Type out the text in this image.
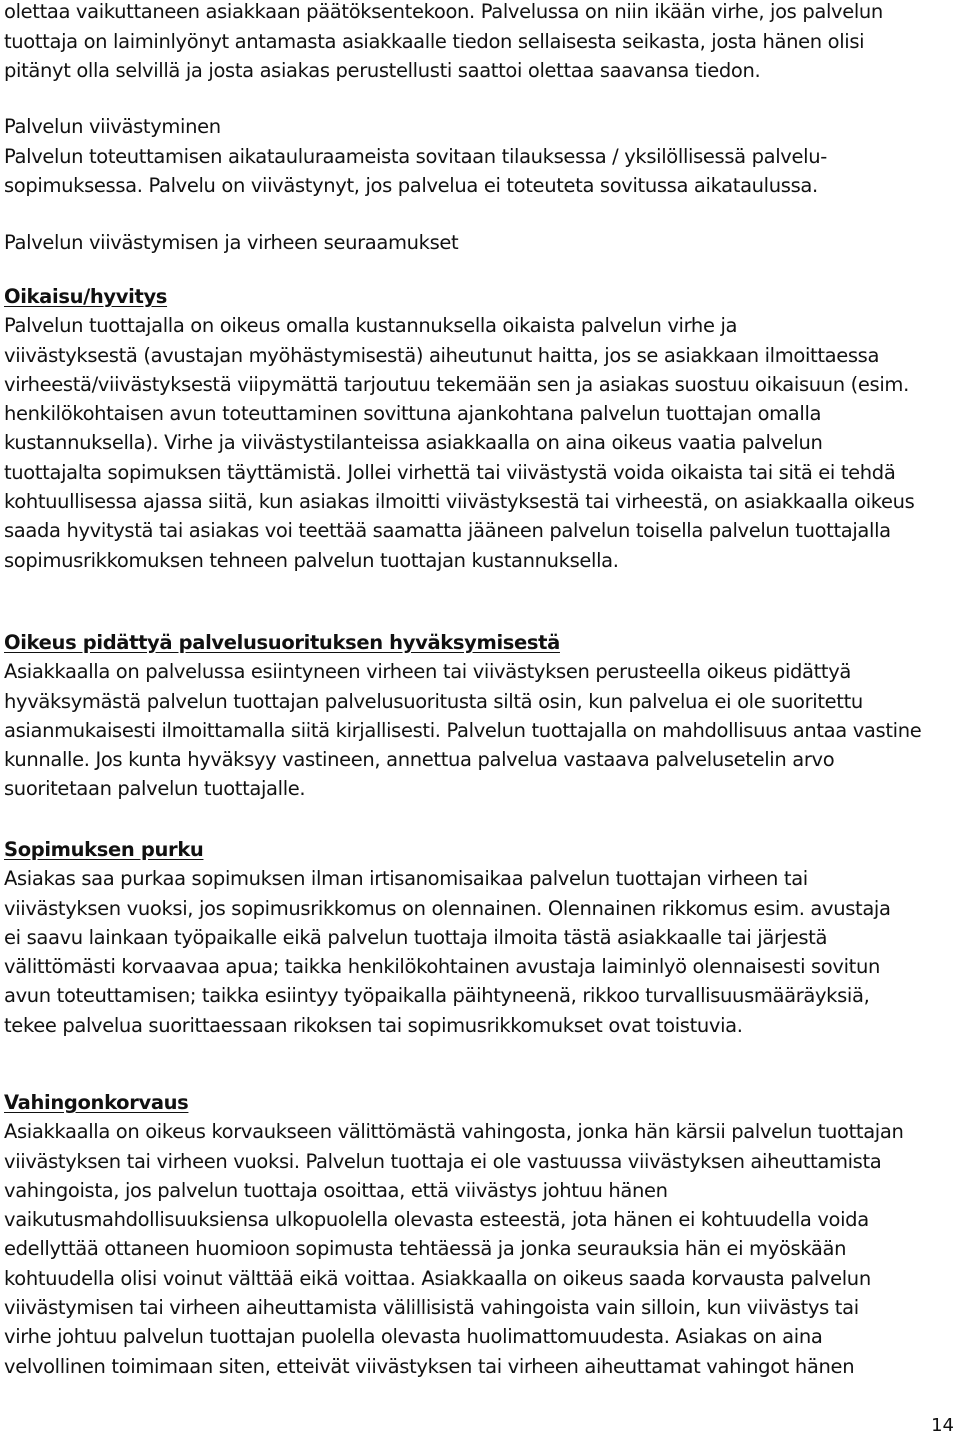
olettaa vaikuttaneen asiakkaan päätöksentekoon. Palvelussa on niin ikään virhe, jos palvelun
tuottaja on laiminlyönyt antamasta asiakkaalle tiedon sellaisesta seikasta, josta hänen olisi
pitänyt olla selvillä ja josta asiakas perustellusti saattoi olettaa saavansa tiedon.
Palvelun viivästyminen
Palvelun toteuttamisen aikatauluraameista sovitaan tilauksessa / yksilöllisessä palvelu-
sopimuksessa. Palvelu on viivästynyt, jos palvelua ei toteuteta sovitussa aikataulussa.
Palvelun viivästymisen ja virheen seuraamukset
Oikaisu/hyvitys
Palvelun tuottajalla on oikeus omalla kustannuksella oikaista palvelun virhe ja
viivästyksestä (avustajan myöhästymisestä) aiheutunut haitta, jos se asiakkaan ilmoittaessa
virheestä/viivästyksestä viipymättä tarjoutuu tekemään sen ja asiakas suostuu oikaisuun (esim.
henkilökohtaisen avun toteuttaminen sovittuna ajankohtana palvelun tuottajan omalla
kustannuksella). Virhe ja viivästystilanteissa asiakkaalla on aina oikeus vaatia palvelun
tuottajalta sopimuksen täyttämistä. Jollei virhettä tai viivästystä voida oikaista tai sitä ei tehdä
kohtuullisessa ajassa siitä, kun asiakas ilmoitti viivästyksestä tai virheestä, on asiakkaalla oikeus
saada hyvitystä tai asiakas voi teettää saamatta jääneen palvelun toisella palvelun tuottajalla
sopimusrikkomuksen tehneen palvelun tuottajan kustannuksella.
Oikeus pidättyä palvelusuorituksen hyväksymisestä
Asiakkaalla on palvelussa esiintyneen virheen tai viivästyksen perusteella oikeus pidättyä
hyväksymästä palvelun tuottajan palvelusuoritusta siltä osin, kun palvelua ei ole suoritettu
asianmukaisesti ilmoittamalla siitä kirjallisesti. Palvelun tuottajalla on mahdollisuus antaa vastine
kunnalle. Jos kunta hyväksyy vastineen, annettua palvelua vastaava palvelusetelin arvo
suoritetaan palvelun tuottajalle.
Sopimuksen purku
Asiakas saa purkaa sopimuksen ilman irtisanomisaikaa palvelun tuottajan virheen tai
viivästyksen vuoksi, jos sopimusrikkomus on olennainen. Olennainen rikkomus esim. avustaja
ei saavu lainkaan työpaikalle eikä palvelun tuottaja ilmoita tästä asiakkaalle tai järjestä
välittömästi korvaavaa apua; taikka henkilökohtainen avustaja laiminlyö olennaisesti sovitun
avun toteuttamisen; taikka esiintyy työpaikalla päihtyneenä, rikkoo turvallisuusmääräyksiä,
tekee palvelua suorittaessaan rikoksen tai sopimusrikkomukset ovat toistuvia.
Vahingonkorvaus
Asiakkaalla on oikeus korvaukseen välittömästä vahingosta, jonka hän kärsii palvelun tuottajan
viivästyksen tai virheen vuoksi. Palvelun tuottaja ei ole vastuussa viivästyksen aiheuttamista
vahingoista, jos palvelun tuottaja osoittaa, että viivästys johtuu hänen
vaikutusmahdollisuuksiensa ulkopuolella olevasta esteestä, jota hänen ei kohtuudella voida
edellyttää ottaneen huomioon sopimusta tehtäessä ja jonka seurauksia hän ei myöskään
kohtuudella olisi voinut välttää eikä voittaa. Asiakkaalla on oikeus saada korvausta palvelun
viivästymisen tai virheen aiheuttamista välillisistä vahingoista vain silloin, kun viivästys tai
virhe johtuu palvelun tuottajan puolella olevasta huolimattomuudesta. Asiakas on aina
velvollinen toimimaan siten, etteivät viivästyksen tai virheen aiheuttamat vahingot hänen
14
